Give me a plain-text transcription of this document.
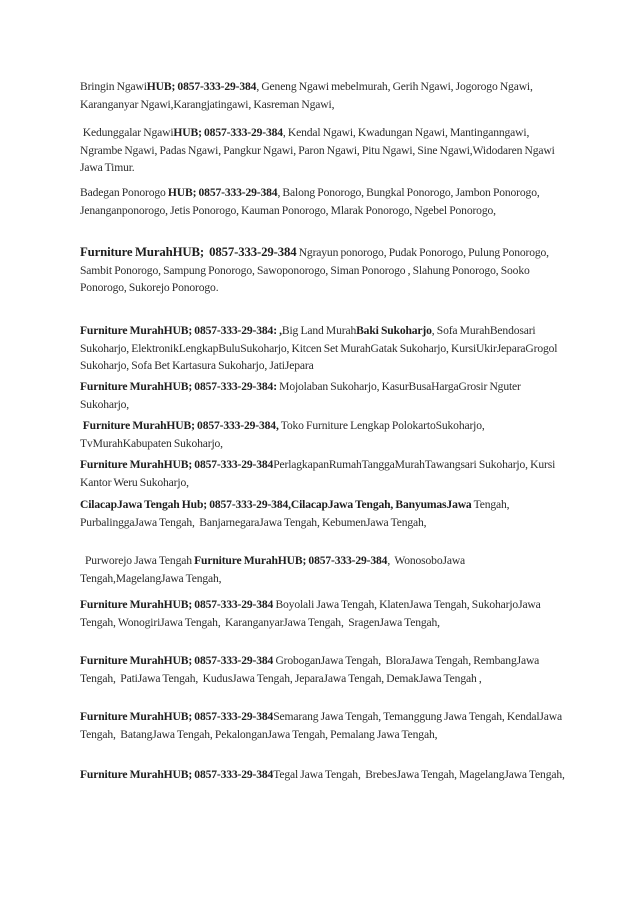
Bringin NgawiHUB; 0857-333-29-384, Geneng Ngawi mebelmurah, Gerih Ngawi, Jogorogo Ngawi, Karanganyar Ngawi,Karangjatingawi, Kasreman Ngawi,

Kedunggalar NgawiHUB; 0857-333-29-384, Kendal Ngawi, Kwadungan Ngawi, Mantinganngawi, Ngrambe Ngawi, Padas Ngawi, Pangkur Ngawi, Paron Ngawi, Pitu Ngawi, Sine Ngawi,Widodaren Ngawi Jawa Timur.

Badegan Ponorogo HUB; 0857-333-29-384, Balong Ponorogo, Bungkal Ponorogo, Jambon Ponorogo, Jenanganponorogo, Jetis Ponorogo, Kauman Ponorogo, Mlarak Ponorogo, Ngebel Ponorogo,

Furniture MurahHUB;  0857-333-29-384 Ngrayun ponorogo, Pudak Ponorogo, Pulung Ponorogo, Sambit Ponorogo, Sampung Ponorogo, Sawoponorogo, Siman Ponorogo , Slahung Ponorogo, Sooko Ponorogo, Sukorejo Ponorogo.

Furniture MurahHUB; 0857-333-29-384: ,Big Land MurahBaki Sukoharjo, Sofa MurahBendosari Sukoharjo, ElektronikLengkapBuluSukoharjo, Kitcen Set MurahGatak Sukoharjo, KursiUkirJeparaGrogol Sukoharjo, Sofa Bet Kartasura Sukoharjo, JatiJepara

Furniture MurahHUB; 0857-333-29-384: Mojolaban Sukoharjo, KasurBusaHargaGrosir Nguter Sukoharjo,

Furniture MurahHUB; 0857-333-29-384, Toko Furniture Lengkap PolokartoSukoharjo, TvMurahKabupaten Sukoharjo,

Furniture MurahHUB; 0857-333-29-384PerlagkapanRumahTanggaMurahTawangsari Sukoharjo, Kursi Kantor Weru Sukoharjo,

CilacapJawa Tengah Hub; 0857-333-29-384,CilacapJawa Tengah, BanyumasJawa Tengah, PurbalinggaJawa Tengah,  BanjarnegaraJawa Tengah, KebumenJawa Tengah,

Purworejo Jawa Tengah Furniture MurahHUB; 0857-333-29-384,  WonosoboJawa Tengah,MagelangJawa Tengah,

Furniture MurahHUB; 0857-333-29-384 Boyolali Jawa Tengah, KlatenJawa Tengah, SukoharjoJawa Tengah, WonogiriJawa Tengah,  KaranganyarJawa Tengah,  SragenJawa Tengah,

Furniture MurahHUB; 0857-333-29-384 GroboganJawa Tengah,  BloraJawa Tengah, RembangJawa Tengah,  PatiJawa Tengah,  KudusJawa Tengah, JeparaJawa Tengah, DemakJawa Tengah ,

Furniture MurahHUB; 0857-333-29-384Semarang Jawa Tengah, Temanggung Jawa Tengah, KendalJawa Tengah,  BatangJawa Tengah, PekalonganJawa Tengah, Pemalang Jawa Tengah,

Furniture MurahHUB; 0857-333-29-384Tegal Jawa Tengah,  BrebesJawa Tengah, MagelangJawa Tengah,
